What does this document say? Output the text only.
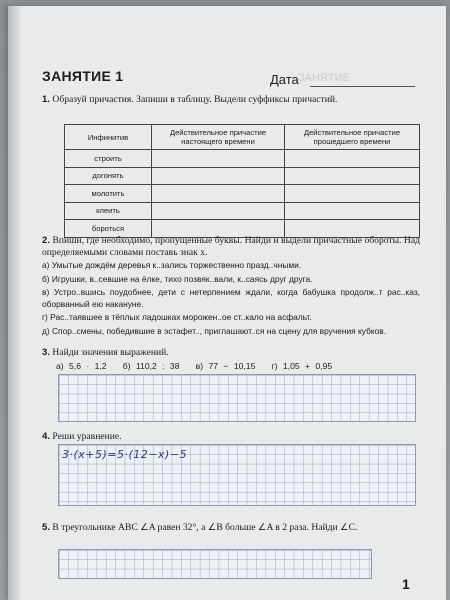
ЗАНЯТИЕ 1	ЗАНЯТИЕ
Дата
1. Образуй причастия. Запиши в таблицу. Выдели суффиксы причастий.
Инфинитив	Действительное причастие настоящего времени	Действительное причастие прошедшего времени
строить		
догонять		
молотить		
клеить		
бороться		
2. Впиши, где необходимо, пропущенные буквы. Найди и выдели причастные обороты. Над определяемыми словами поставь знак х.
а) Умытые дождём деревья к..зались торжественно празд..чными.
б) Игрушки, в..севшие на ёлке, тихо позвяк..вали, к..саясь друг друга.
в) Устро..вшись поудобнее, дети с нетерпением ждали, когда бабушка продолж..т рас..каз, оборванный ею накануне.
г) Рас..таявшее в тёплых ладошках морожен..ое ст..кало на асфальт.
д) Спор..смены, победившие в эстафет.., приглашают..ся на сцену для вручения кубков.
3. Найди значения выражений.
а) 5,6 · 1,2 б) 110,2 : 38 в) 77 − 10,15 г) 1,05 + 0,95
4. Реши уравнение.
3·(x+5)=5·(12−x)−5
5. В треугольнике ABC ∠A равен 32°, а ∠B больше ∠A в 2 раза. Найди ∠C.
1
